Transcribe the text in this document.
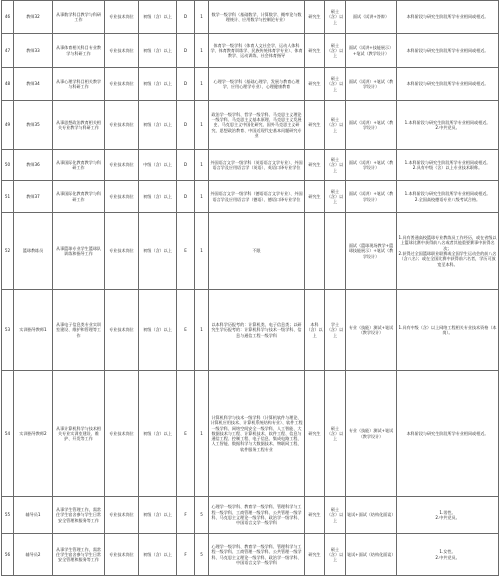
46	教师32	从事数学科目教学与科研工作	专业技术岗位	初级（含）以上	D	1	数学一级学科（基础数学、计算数学、概率论与数理统计、应用数学与控制论专业）	研究生	硕士（含）以上	面试（试讲+答辩）	本科阶段与研究生阶段所学专业相同或相近。
47	教师33	从事体育相关科目专业教学与科研工作	专业技术岗位	初级（含）以上	D	1	体育学一级学科（体育人文社会学、运动人体科学、体育教育训练学、民族传统体育学专业）、体育教学、运动训练、社会体育指导	研究生	硕士（含）以上	面试（试讲+技能展示）+笔试（教学设计）	本科阶段与研究生阶段所学专业相同或相近。
48	教师34	从事心理学科目相关教学与科研工作	专业技术岗位	初级（含）以上	D	1	心理学一级学科（基础心理学、发展与教育心理学、应用心理学专业）、心理健康教育	研究生	硕士（含）以上	面试（试讲）+笔试（教学设计）	本科阶段与研究生阶段所学专业相同或相近。
49	教师35	从事思想政治教育相关相关专业教学与科研工作	专业技术岗位	初级（含）以上	D	1	政治学一级学科、哲学一级学科、马克思主义理论一级学科、马克思主义基本原理、马克思主义发展史、马克思主义中国化研究、国外马克思主义研究、思想政治教育、中国近现代史基本问题研究专业	研究生	硕士（含）以上	面试（试讲）+笔试（教学设计）	1.本科阶段与研究生阶段所学专业相同或相近。
2.中共党员。
50	教师36	从事国际化教育教学与科研工作	专业技术岗位	中级（含）以上	D	1	外国语言文学一级学科（英语语言文学专业）、外国语言学及应用语言学（英语）、英语口译专业学位	研究生	硕士（含）以上	面试（试讲）+笔试（教学设计）	1.本科阶段与研究生阶段所学专业相同或相近。
2.具有中级（含）以上专业技术职称。
51	教师37	从事国际化教育教学与科研工作	专业技术岗位	初级（含）以上	D	1	外国语言文学一级学科（德语语言文学专业）、外国语言学及应用语言学（德语）、德语口译专业学位	研究生	硕士（含）以上	面试（试讲）+笔试（教学设计）	1.本科阶段与研究生阶段所学专业相同或相近。
2.全国高校德语专业八级考试合格。
52	篮球教练员	从事篮球专业学生篮球队训练和指导工作	专业技术岗位	初级（含）以上	E	1	不限			面试（篮球现场教学+篮球技能展示）+笔试（教学设计）	1.具有普通高校篮球专业教练员工作经历，或在省级以上篮球比赛中获得前八名或者其他重要赛事中获得名次；
2.获得过全国篮球职业联赛或全国学生运动会的前八名（含八名）；或在全国比赛中获得前六名者，学历可放宽至本科。
53	实训指导教师1	从事电子信息类专业实训室建设、维护和管理等工作	专业技术岗位	初级（含）以上	E	1	以本科学历报考的：计算机类、电子信息类；以研究生学历报考的：计算机科学与技术一级学科、信息与通信工程一级学科	本科（含）以上	学士（含）以上	专业（技能）测试+笔试（教学设计）	1.具有中级（含）以上网络工程相关专业技术资格（本岗）。
54	实训指导教师2	从事计算机科学与技术相关专业实训室建设、维护、开发等工作	专业技术岗位	初级（含）以上	E	1	计算机科学与技术一级学科（计算机软件与理论、计算机应用技术、计算机系统结构专业）、软件工程一级学科、网络空间安全一级学科、人工智能、大数据技术与工程、计算机技术、软件工程、信息与通信工程、控制工程、电子信息、集成电路工程、人工智能、数据科学与大数据技术、物联网工程、软件服务工程专业	研究生	硕士（含）以上	专业（技能）测试+笔试（教学设计）	本科阶段与研究生阶段所学专业相同或相近。
55	辅导员1	从事学生管理工作，需常住学生宿舍参与学生日常安全管理和服务等工作	专业技术岗位	初级（含）以上	F	5	心理学一级学科、教育学一级学科、管理科学与工程一级学科、工商管理一级学科、公共管理一级学科、马克思主义理论一级学科、政治学一级学科、中国语言文学一级学科	研究生	硕士（含）以上	笔试+面试（结构化面谈）	1.男性。
2.中共党员。
56	辅导员2	从事学生管理工作，需常住学生宿舍参与学生日常安全管理和服务等工作	专业技术岗位	初级（含）以上	F	5	心理学一级学科、教育学一级学科、管理科学与工程一级学科、工商管理一级学科、公共管理一级学科、马克思主义理论一级学科、政治学一级学科、中国语言文学一级学科	研究生	硕士（含）以上	笔试+面试（结构化面谈）	1.女性。
2.中共党员。
